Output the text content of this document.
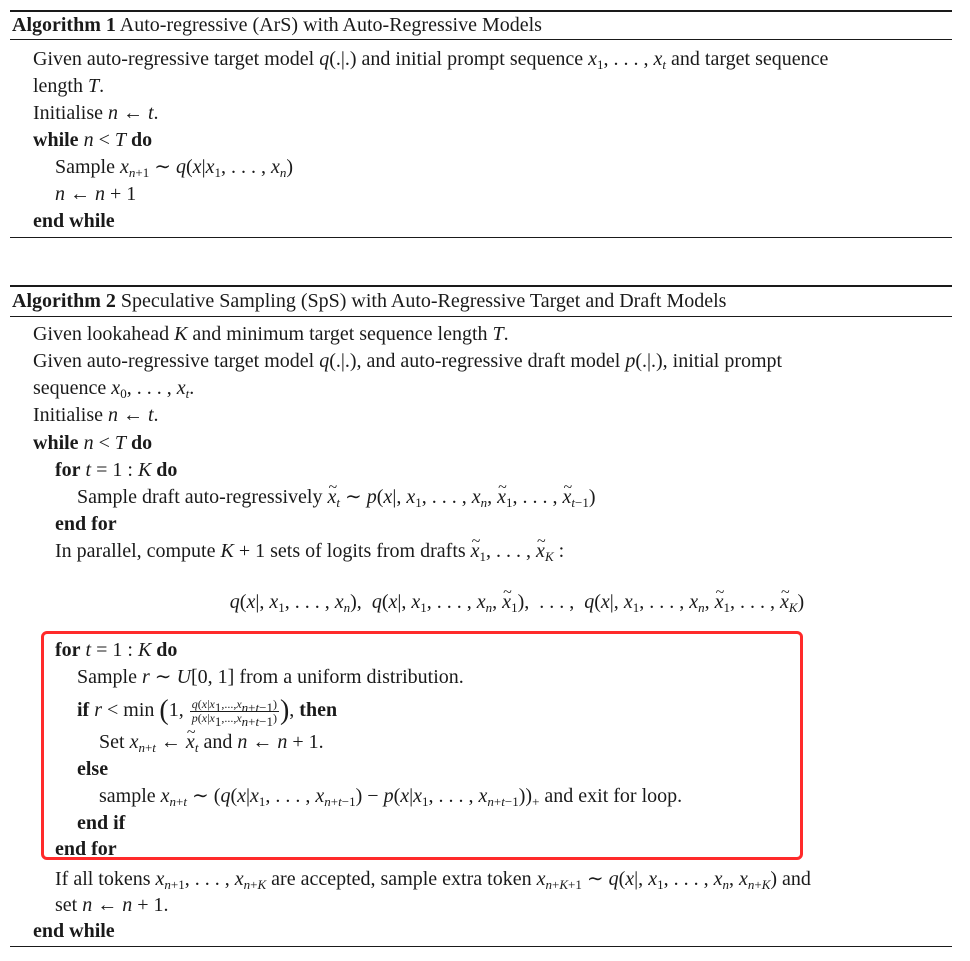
Algorithm 1 Auto-regressive (ArS) with Auto-Regressive Models
Given auto-regressive target model q(.|.) and initial prompt sequence $x_1$, . . . , $x_t$ and target sequence
length T.
Initialise n ← t.
while n < T do
Sample $x_{n+1}$ ∼ $q(x|x_1$, . . . , $x_n$)
n ← n + 1
end while
Algorithm 2 Speculative Sampling (SpS) with Auto-Regressive Target and Draft Models
Given lookahead K and minimum target sequence length T.
Given auto-regressive target model q(.|.), and auto-regressive draft model p(.|.), initial prompt
sequence $x_0$, . . . , $x_t$.
Initialise n ← t.
while n < T do
for t = 1 : K do
Sample draft auto-regressively ~ $x_t$ ∼ p(x|, $x_1$, . . . , $x_n$, ~ $x_1$, . . . , ~ $x_{t-1}$)
end for
In parallel, compute K + 1 sets of logits from drafts ~ $x_1$, . . . , ~ $x_K$ :
q(x|, $x_1$, . . . , $x_n$),  q(x|, $x_1$, . . . , $x_n$, ~ $x_1$),  . . . ,  q(x|, $x_1$, . . . , $x_n$, ~ $x_1$, . . . , ~ $x_K$)
for t = 1 : K do
Sample r ∼ U[0, 1] from a uniform distribution.
if r < min (1, $\frac{q(x|x_1,...,x_{n+t-1})}{p(x|x_1,...,x_{n+t-1})}$ ), then
Set $x_{n+t}$ ← ~ $x_t$ and n ← n + 1.
else
sample $x_{n+t}$ ∼ ($q(x|x_1$, . . . , $x_{n+t-1}) - p(x|x_1$, . . . , $x_{n+t-1}))_+$ and exit for loop.
end if
end for
If all tokens $x_{n+1}$, . . . , $x_{n+K}$ are accepted, sample extra token $x_{n+K+1}$ ∼ q(x|, $x_1$, . . . , $x_n$, $x_{n+K}$) and
set n ← n + 1.
end while
